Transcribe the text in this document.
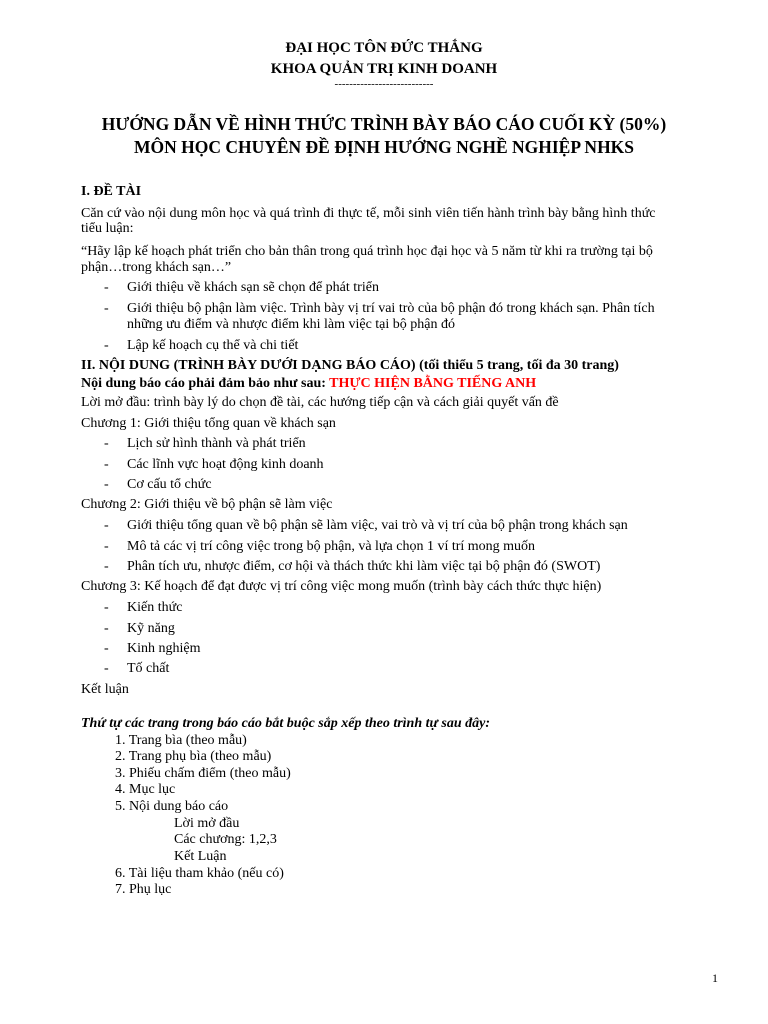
ĐẠI HỌC TÔN ĐỨC THẮNG
KHOA QUẢN TRỊ KINH DOANH
---------------------------
HƯỚNG DẪN VỀ HÌNH THỨC TRÌNH BÀY BÁO CÁO CUỐI KỲ (50%)
MÔN HỌC CHUYÊN ĐỀ ĐỊNH HƯỚNG NGHỀ NGHIỆP NHKS
I. ĐỀ TÀI
Căn cứ vào nội dung môn học và quá trình đi thực tế, mỗi sinh viên tiến hành trình bày bằng hình thức
tiểu luận:
“Hãy lập kế hoạch phát triển cho bản thân trong quá trình học đại học và 5 năm từ khi ra trường tại bộ
phận…trong khách sạn…”
- Giới thiệu về khách sạn sẽ chọn để phát triển
- Giới thiệu bộ phận làm việc. Trình bày vị trí vai trò của bộ phận đó trong khách sạn. Phân tích
những ưu điểm và nhược điểm khi làm việc tại bộ phận đó
- Lập kế hoạch cụ thể và chi tiết
II. NỘI DUNG (TRÌNH BÀY DƯỚI DẠNG BÁO CÁO) (tối thiểu 5 trang, tối đa 30 trang)
Nội dung báo cáo phải đảm bảo như sau: THỰC HIỆN BẰNG TIẾNG ANH
Lời mở đầu: trình bày lý do chọn đề tài, các hướng tiếp cận và cách giải quyết vấn đề
Chương 1: Giới thiệu tổng quan về khách sạn
- Lịch sử hình thành và phát triển
- Các lĩnh vực hoạt động kinh doanh
- Cơ cấu tổ chức
Chương 2: Giới thiệu về bộ phận sẽ làm việc
- Giới thiệu tổng quan về bộ phận sẽ làm việc, vai trò và vị trí của bộ phận trong khách sạn
- Mô tả các vị trí công việc trong bộ phận, và lựa chọn 1 ví trí mong muốn
- Phân tích ưu, nhược điểm, cơ hội và thách thức khi làm việc tại bộ phận đó (SWOT)
Chương 3: Kế hoạch để đạt được vị trí công việc mong muốn (trình bày cách thức thực hiện)
- Kiến thức
- Kỹ năng
- Kinh nghiệm
- Tố chất
Kết luận
Thứ tự các trang trong báo cáo bắt buộc sắp xếp theo trình tự sau đây:
1. Trang bìa (theo mẫu)
2. Trang phụ bìa (theo mẫu)
3. Phiếu chấm điểm (theo mẫu)
4. Mục lục
5. Nội dung báo cáo
Lời mở đầu
Các chương: 1,2,3
Kết Luận
6. Tài liệu tham khảo (nếu có)
7. Phụ lục
1
